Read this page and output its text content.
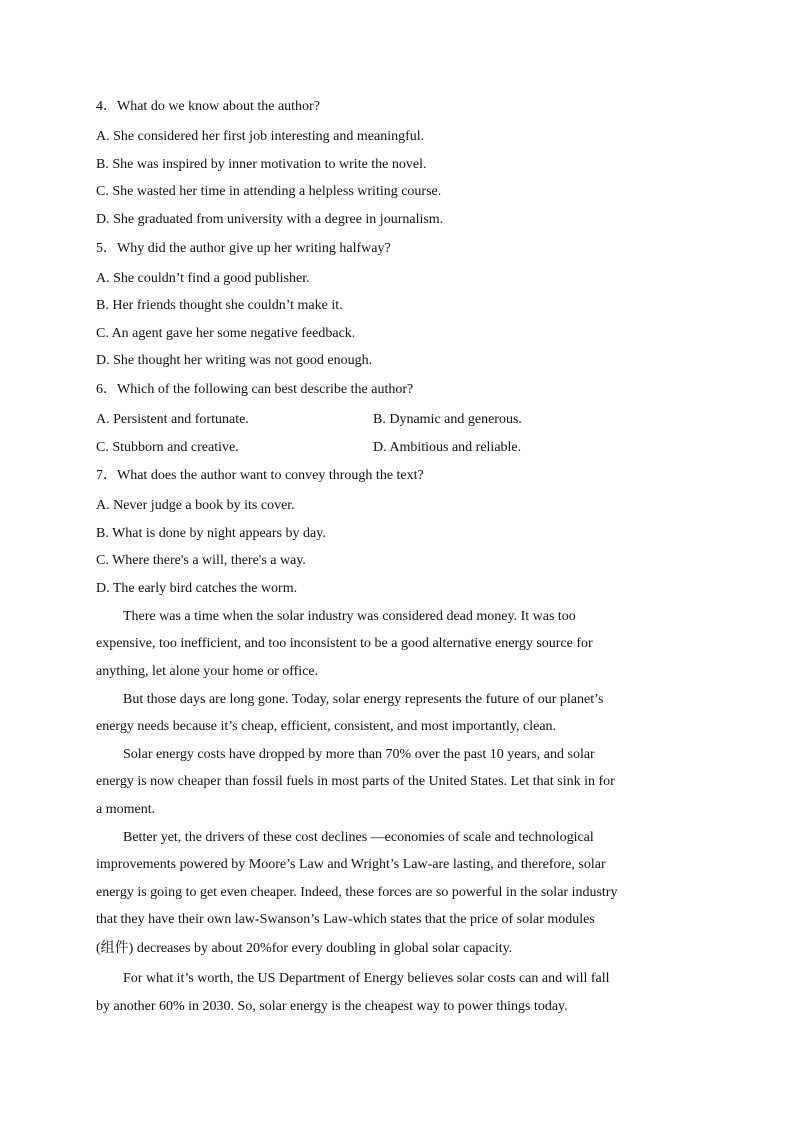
4．What do we know about the author?
A. She considered her first job interesting and meaningful.
B. She was inspired by inner motivation to write the novel.
C. She wasted her time in attending a helpless writing course.
D. She graduated from university with a degree in journalism.
5．Why did the author give up her writing halfway?
A. She couldn’t find a good publisher.
B. Her friends thought she couldn’t make it.
C. An agent gave her some negative feedback.
D. She thought her writing was not good enough.
6．Which of the following can best describe the author?
A. Persistent and fortunate.	B. Dynamic and generous.
C. Stubborn and creative.	D. Ambitious and reliable.
7．What does the author want to convey through the text?
A. Never judge a book by its cover.
B. What is done by night appears by day.
C. Where there's a will, there's a way.
D. The early bird catches the worm.
There was a time when the solar industry was considered dead money. It was too
expensive, too inefficient, and too inconsistent to be a good alternative energy source for
anything, let alone your home or office.
But those days are long gone. Today, solar energy represents the future of our planet’s
energy needs because it’s cheap, efficient, consistent, and most importantly, clean.
Solar energy costs have dropped by more than 70% over the past 10 years, and solar
energy is now cheaper than fossil fuels in most parts of the United States. Let that sink in for
a moment.
Better yet, the drivers of these cost declines —economies of scale and technological
improvements powered by Moore’s Law and Wright’s Law-are lasting, and therefore, solar
energy is going to get even cheaper. Indeed, these forces are so powerful in the solar industry
that they have their own law-Swanson’s Law-which states that the price of solar modules
(组件) decreases by about 20%for every doubling in global solar capacity.
For what it’s worth, the US Department of Energy believes solar costs can and will fall
by another 60% in 2030. So, solar energy is the cheapest way to power things today.
